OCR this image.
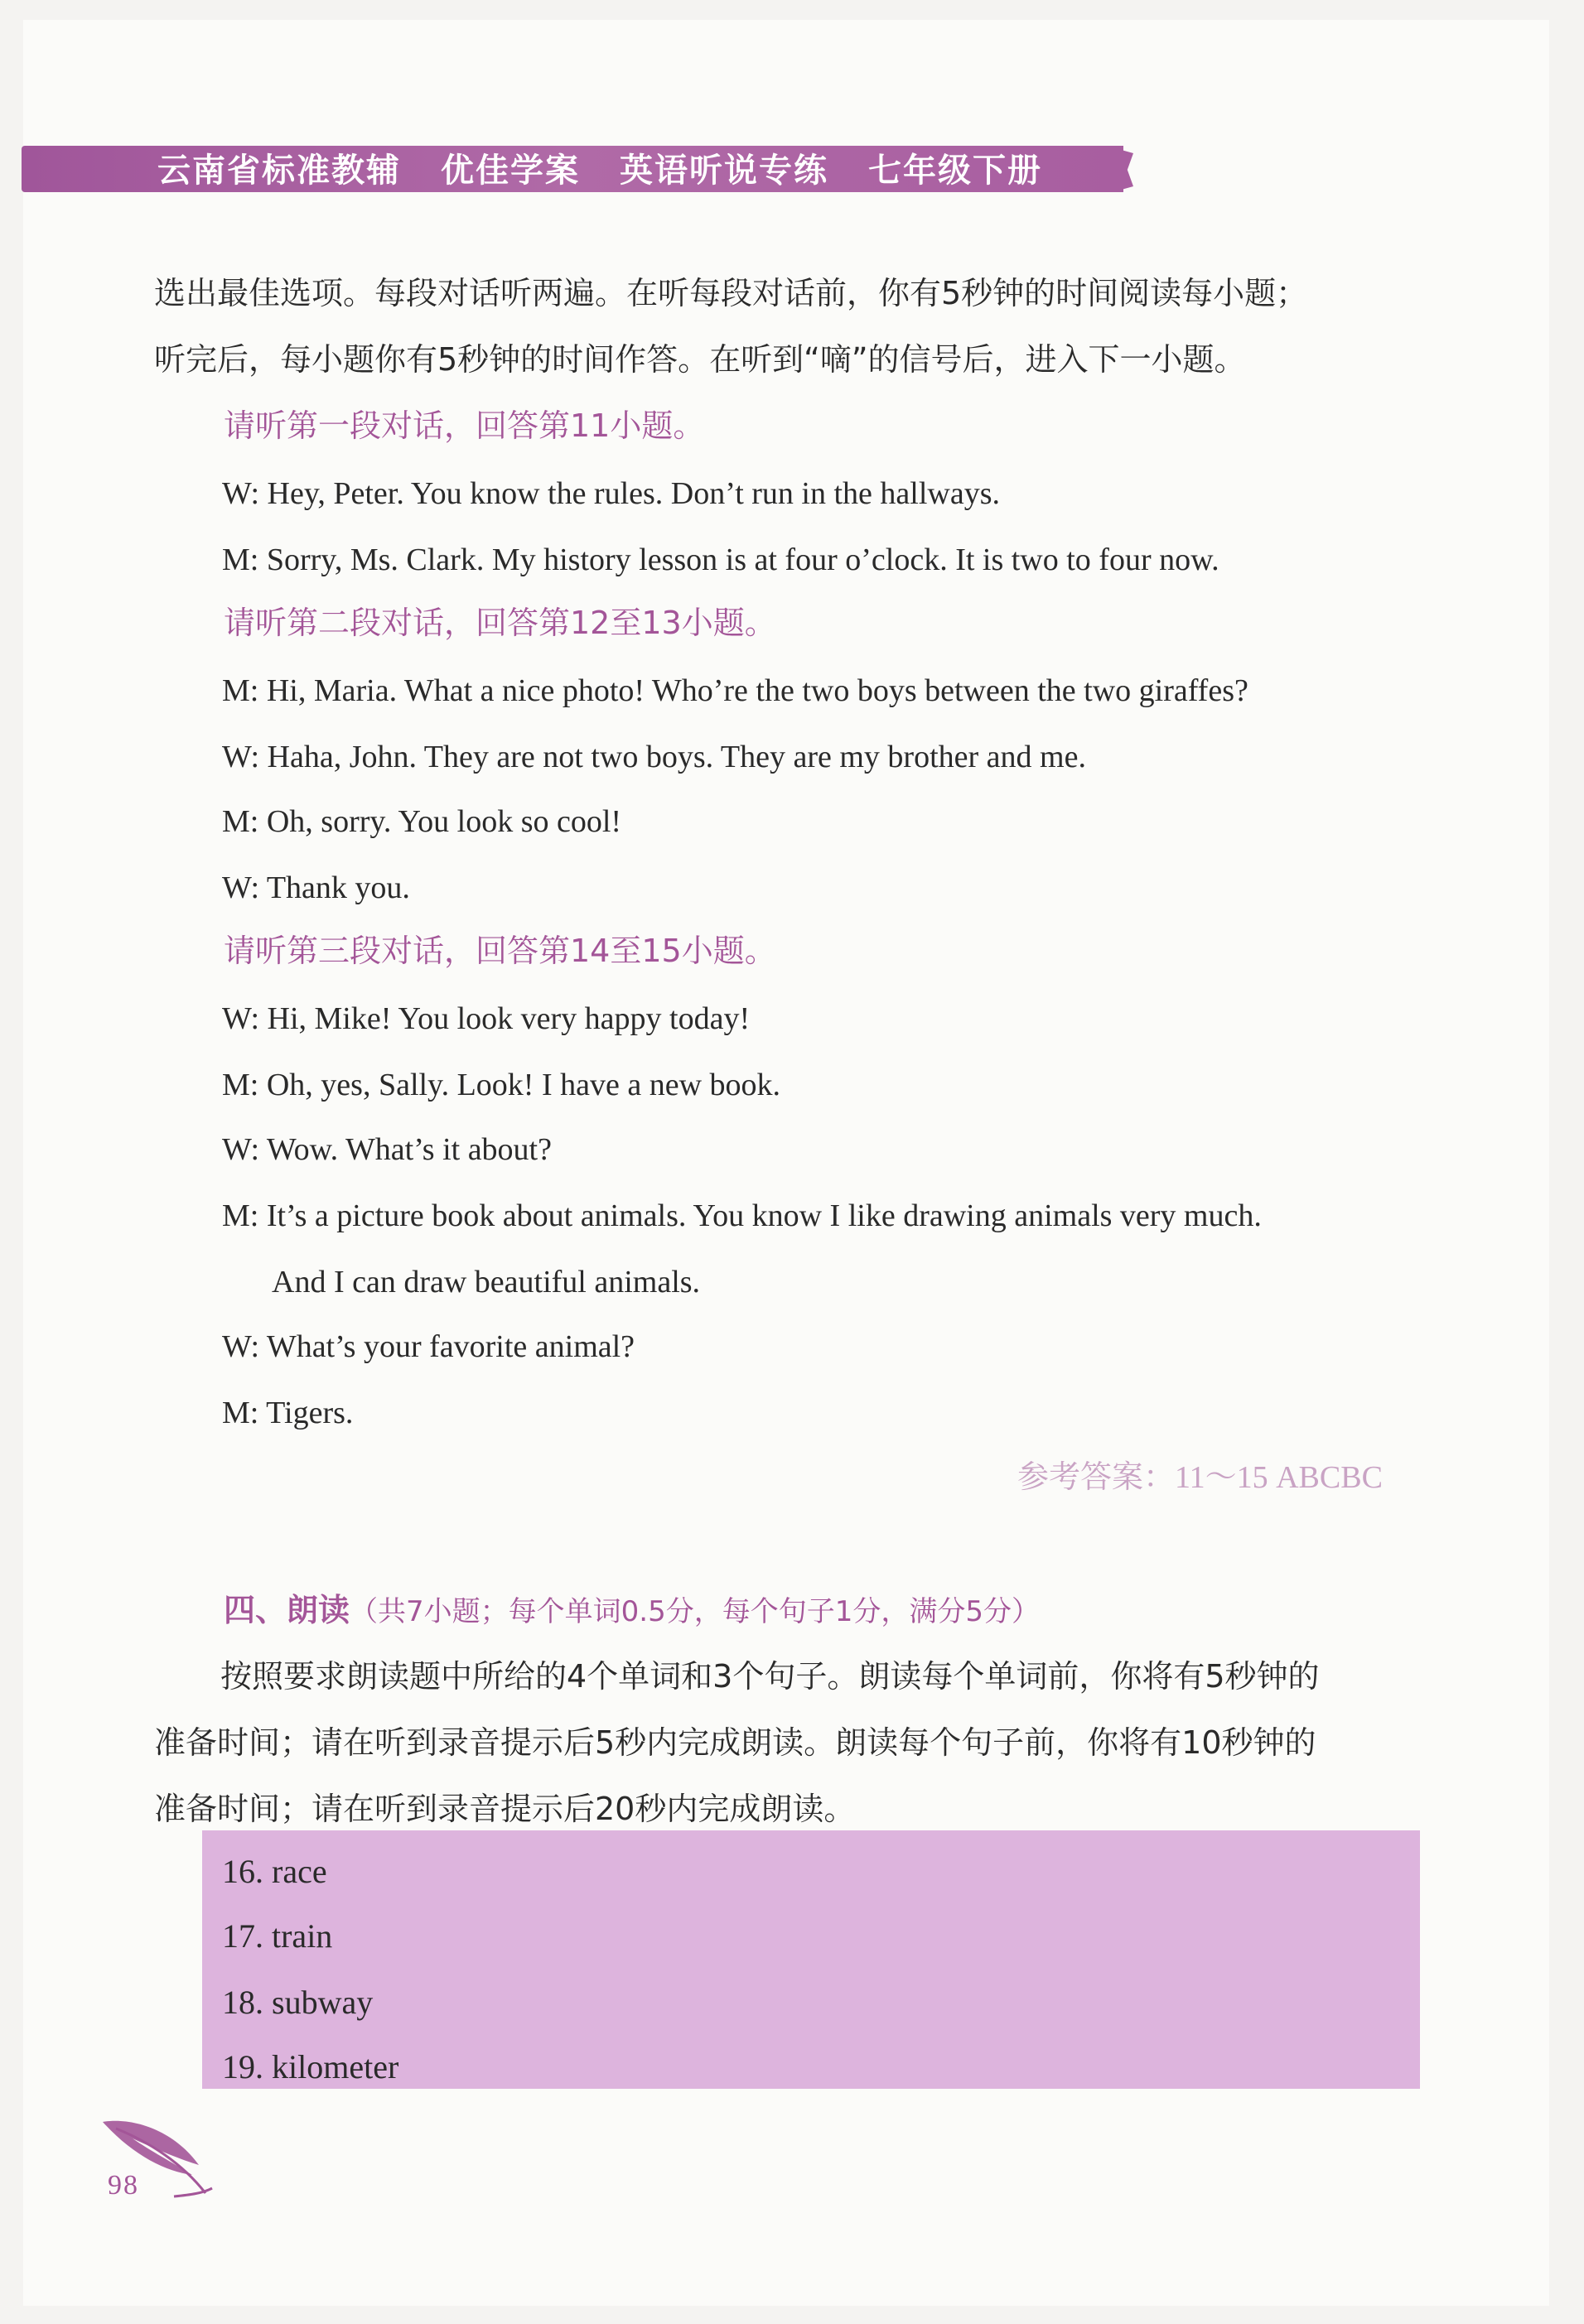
云南省标准教辅 优佳学案 英语听说专练 七年级下册
选出最佳选项。每段对话听两遍。在听每段对话前，你有5秒钟的时间阅读每小题；
听完后，每小题你有5秒钟的时间作答。在听到“嘀”的信号后，进入下一小题。
请听第一段对话，回答第11小题。
W: Hey, Peter. You know the rules. Don’t run in the hallways.
M: Sorry, Ms. Clark. My history lesson is at four o’clock. It is two to four now.
请听第二段对话，回答第12至13小题。
M: Hi, Maria. What a nice photo! Who’re the two boys between the two giraffes?
W: Haha, John. They are not two boys. They are my brother and me.
M: Oh, sorry. You look so cool!
W: Thank you.
请听第三段对话，回答第14至15小题。
W: Hi, Mike! You look very happy today!
M: Oh, yes, Sally. Look! I have a new book.
W: Wow. What’s it about?
M: It’s a picture book about animals. You know I like drawing animals very much.
And I can draw beautiful animals.
W: What’s your favorite animal?
M: Tigers.
参考答案：11～15 ABCBC
四、朗读（共7小题；每个单词0.5分，每个句子1分，满分5分）
按照要求朗读题中所给的4个单词和3个句子。朗读每个单词前，你将有5秒钟的
准备时间；请在听到录音提示后5秒内完成朗读。朗读每个句子前，你将有10秒钟的
准备时间；请在听到录音提示后20秒内完成朗读。
16. race
17. train
18. subway
19. kilometer
98
